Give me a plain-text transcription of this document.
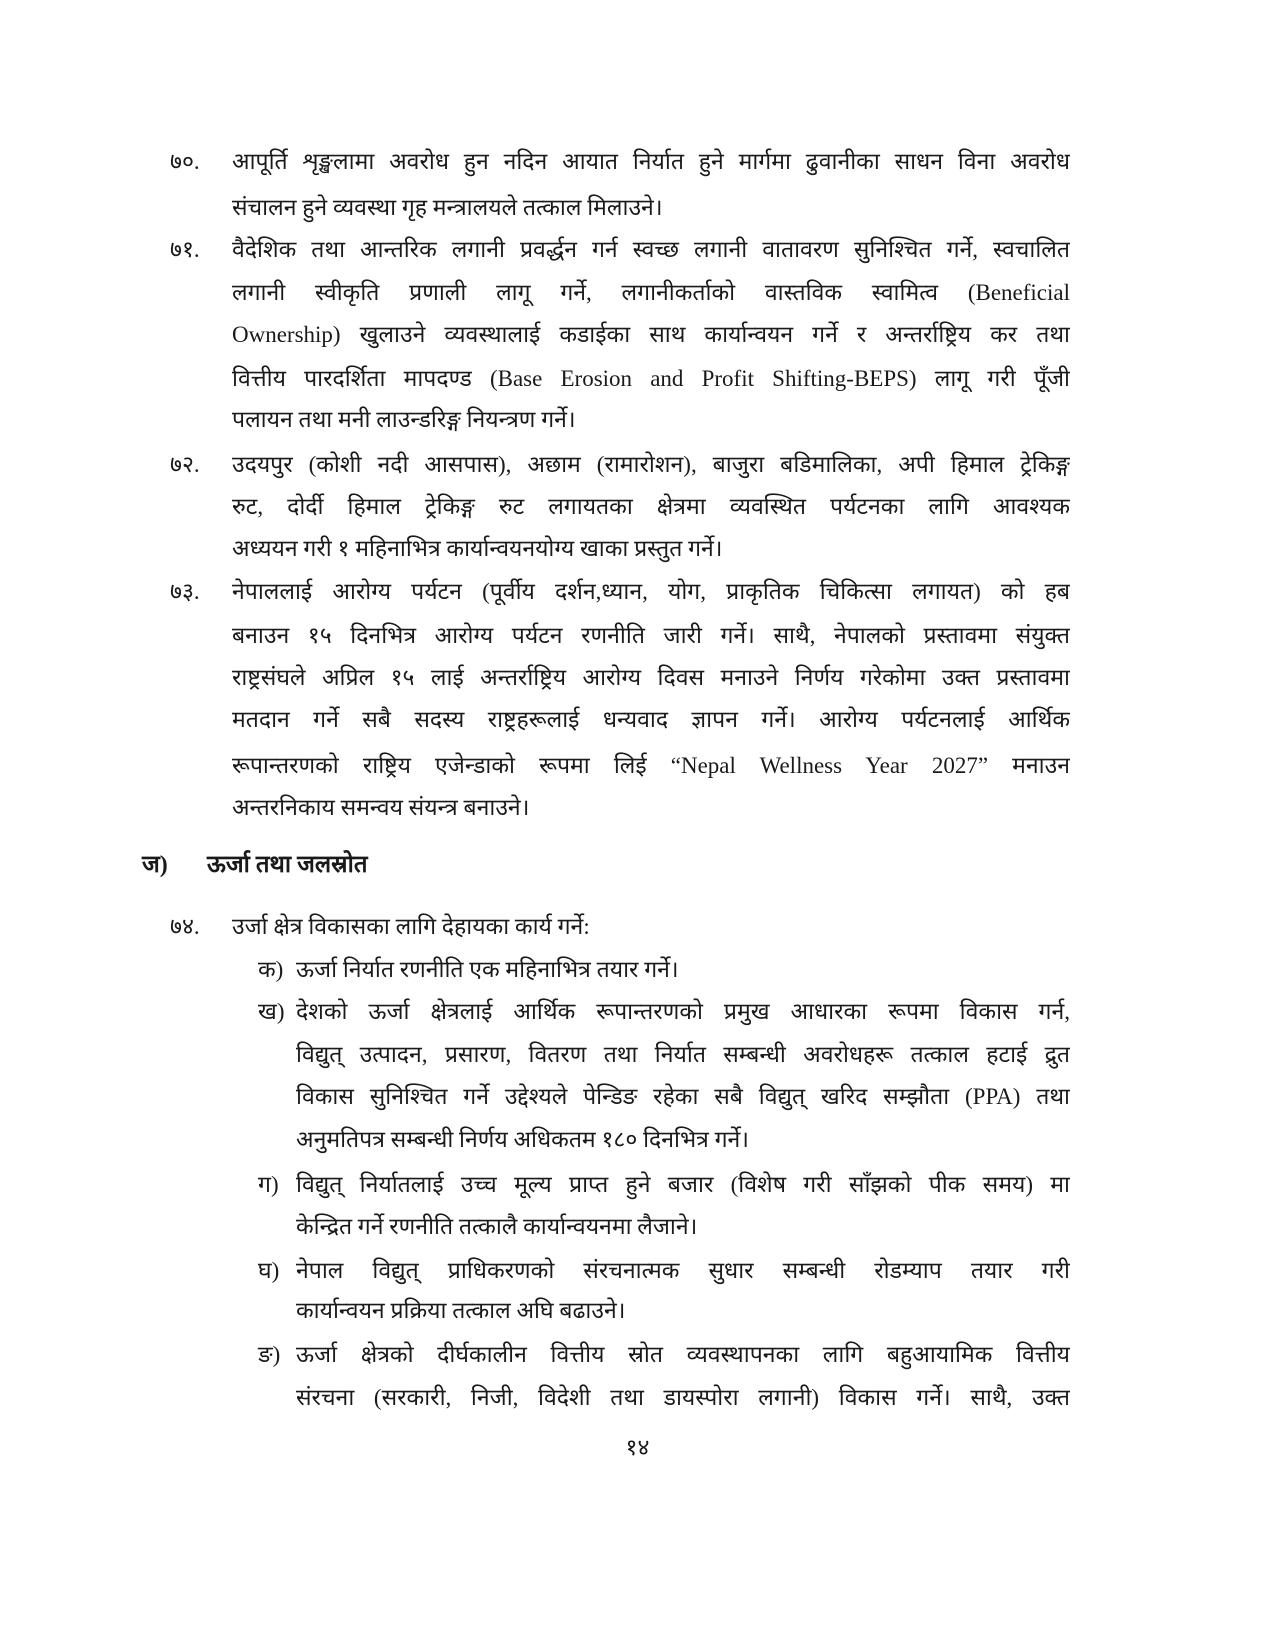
७०. आपूर्ति शृङ्खलामा अवरोध हुन नदिन आयात निर्यात हुने मार्गमा ढुवानीका साधन विना अवरोध
संचालन हुने व्यवस्था गृह मन्त्रालयले तत्काल मिलाउने।
७१. वैदेशिक तथा आन्तरिक लगानी प्रवर्द्धन गर्न स्वच्छ लगानी वातावरण सुनिश्चित गर्ने, स्वचालित
लगानी स्वीकृति प्रणाली लागू गर्ने, लगानीकर्ताको वास्तविक स्वामित्व (Beneficial
Ownership) खुलाउने व्यवस्थालाई कडाईका साथ कार्यान्वयन गर्ने र अन्तर्राष्ट्रिय कर तथा
वित्तीय पारदर्शिता मापदण्ड (Base Erosion and Profit Shifting-BEPS) लागू गरी पूँजी
पलायन तथा मनी लाउन्डरिङ्ग नियन्त्रण गर्ने।
७२. उदयपुर (कोशी नदी आसपास), अछाम (रामारोशन), बाजुरा बडिमालिका, अपी हिमाल ट्रेकिङ्ग
रुट, दोर्दी हिमाल ट्रेकिङ्ग रुट लगायतका क्षेत्रमा व्यवस्थित पर्यटनका लागि आवश्यक
अध्ययन गरी १ महिनाभित्र कार्यान्वयनयोग्य खाका प्रस्तुत गर्ने।
७३. नेपाललाई आरोग्य पर्यटन (पूर्वीय दर्शन,ध्यान, योग, प्राकृतिक चिकित्सा लगायत) को हब
बनाउन १५ दिनभित्र आरोग्य पर्यटन रणनीति जारी गर्ने। साथै, नेपालको प्रस्तावमा संयुक्त
राष्ट्रसंघले अप्रिल १५ लाई अन्तर्राष्ट्रिय आरोग्य दिवस मनाउने निर्णय गरेकोमा उक्त प्रस्तावमा
मतदान गर्ने सबै सदस्य राष्ट्रहरूलाई धन्यवाद ज्ञापन गर्ने। आरोग्य पर्यटनलाई आर्थिक
रूपान्तरणको राष्ट्रिय एजेन्डाको रूपमा लिई “Nepal Wellness Year 2027” मनाउन
अन्तरनिकाय समन्वय संयन्त्र बनाउने।
ज) ऊर्जा तथा जलस्रोत
७४. उर्जा क्षेत्र विकासका लागि देहायका कार्य गर्ने:
क) ऊर्जा निर्यात रणनीति एक महिनाभित्र तयार गर्ने।
ख) देशको ऊर्जा क्षेत्रलाई आर्थिक रूपान्तरणको प्रमुख आधारका रूपमा विकास गर्न,
विद्युत् उत्पादन, प्रसारण, वितरण तथा निर्यात सम्बन्धी अवरोधहरू तत्काल हटाई द्रुत
विकास सुनिश्चित गर्ने उद्देश्यले पेन्डिङ रहेका सबै विद्युत् खरिद सम्झौता (PPA) तथा
अनुमतिपत्र सम्बन्धी निर्णय अधिकतम १८० दिनभित्र गर्ने।
ग) विद्युत् निर्यातलाई उच्च मूल्य प्राप्त हुने बजार (विशेष गरी साँझको पीक समय) मा
केन्द्रित गर्ने रणनीति तत्कालै कार्यान्वयनमा लैजाने।
घ) नेपाल विद्युत् प्राधिकरणको संरचनात्मक सुधार सम्बन्धी रोडम्याप तयार गरी
कार्यान्वयन प्रक्रिया तत्काल अघि बढाउने।
ङ) ऊर्जा क्षेत्रको दीर्घकालीन वित्तीय स्रोत व्यवस्थापनका लागि बहुआयामिक वित्तीय
संरचना (सरकारी, निजी, विदेशी तथा डायस्पोरा लगानी) विकास गर्ने। साथै, उक्त
१४
